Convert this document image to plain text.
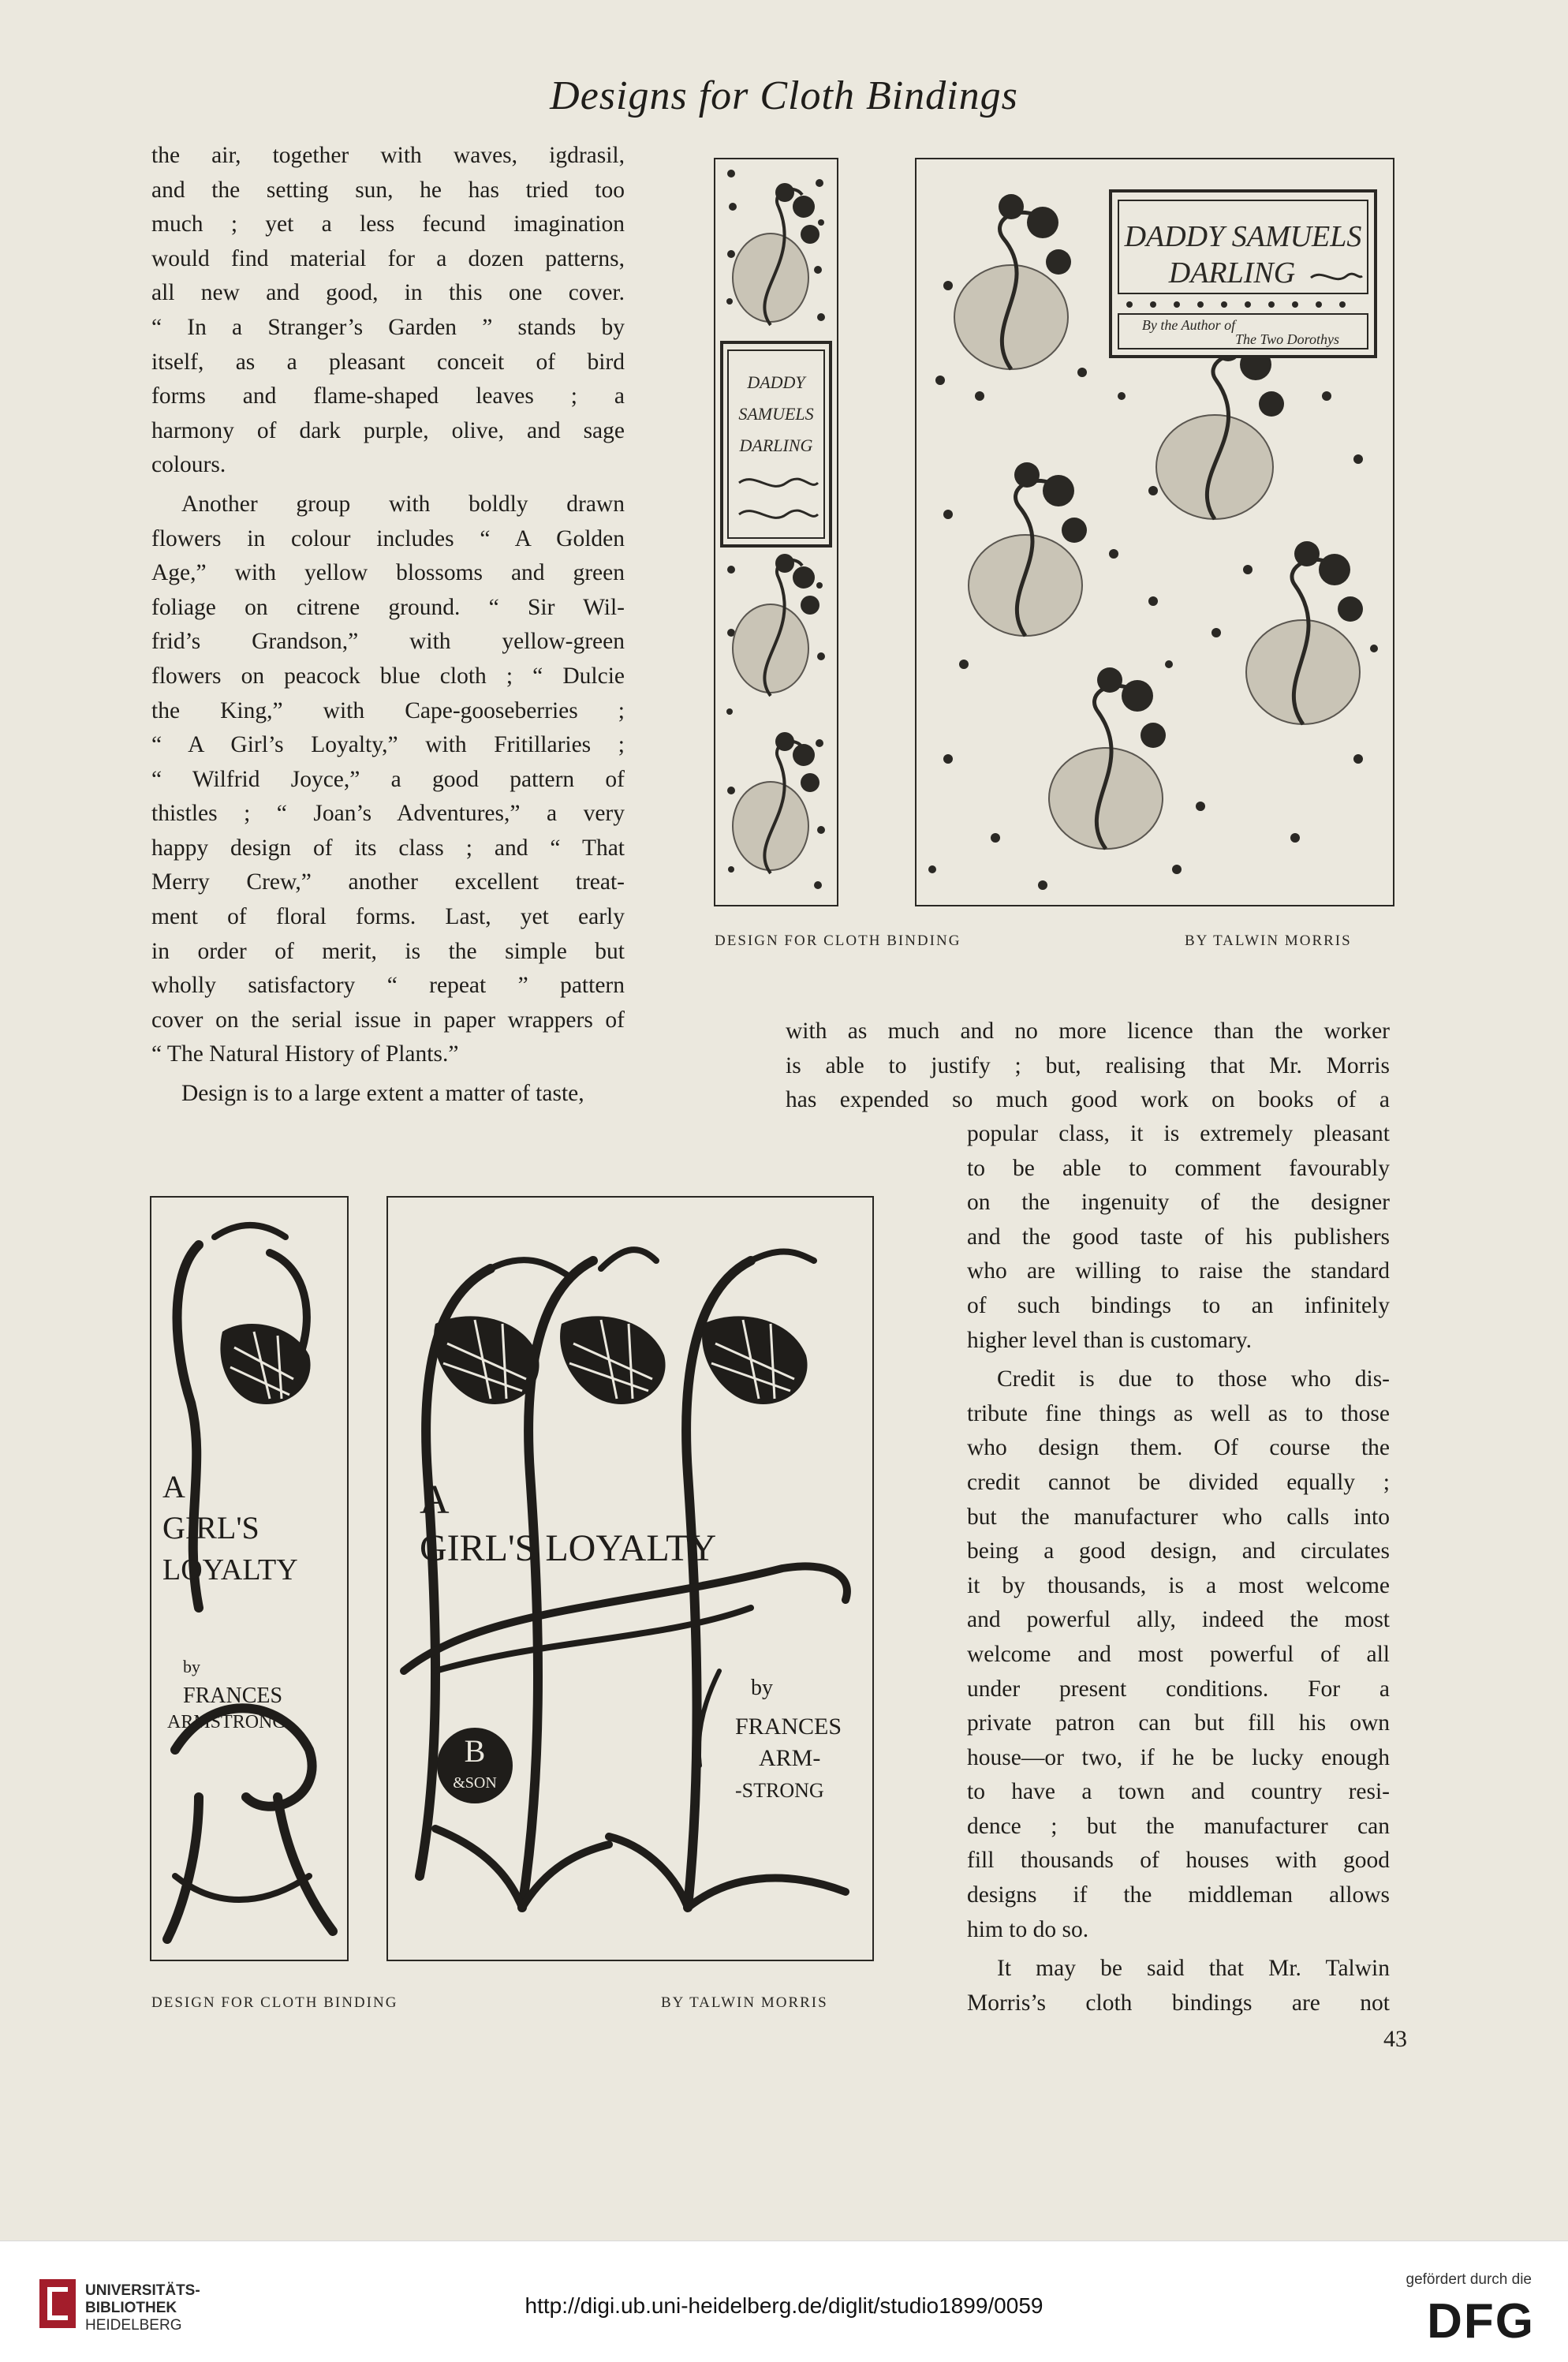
Designs for Cloth Bindings
the air, together with waves, igdrasil,
and the setting sun, he has tried too
much ; yet a less fecund imagination
would find material for a dozen patterns,
all new and good, in this one cover.
“ In a Stranger’s Garden ” stands by
itself, as a pleasant conceit of bird
forms and flame-shaped leaves ; a
harmony of dark purple, olive, and sage
colours.
Another group with boldly drawn
flowers in colour includes “ A Golden
Age,” with yellow blossoms and green
foliage on citrene ground. “ Sir Wil-
frid’s Grandson,” with yellow-green
flowers on peacock blue cloth ; “ Dulcie
the King,” with Cape-gooseberries ;
“ A Girl’s Loyalty,” with Fritillaries ;
“ Wilfrid Joyce,” a good pattern of
thistles ; “ Joan’s Adventures,” a very
happy design of its class ; and “ That
Merry Crew,” another excellent treat-
ment of floral forms. Last, yet early
in order of merit, is the simple but
wholly satisfactory “ repeat ” pattern
cover on the serial issue in paper wrappers of
“ The Natural History of Plants.”
Design is to a large extent a matter of taste,
with as much and no more licence than the worker
is able to justify ; but, realising that Mr. Morris
has expended so much good work on books of a
popular class, it is extremely pleasant
to be able to comment favourably
on the ingenuity of the designer
and the good taste of his publishers
who are willing to raise the standard
of such bindings to an infinitely
higher level than is customary.
Credit is due to those who dis-
tribute fine things as well as to those
who design them. Of course the
credit cannot be divided equally ;
but the manufacturer who calls into
being a good design, and circulates
it by thousands, is a most welcome
and powerful ally, indeed the most
welcome and most powerful of all
under present conditions. For a
private patron can but fill his own
house—or two, if he be lucky enough
to have a town and country resi-
dence ; but the manufacturer can
fill thousands of houses with good
designs if the middleman allows
him to do so.
It may be said that Mr. Talwin
Morris’s cloth bindings are not
DADDY
SAMUELS
DARLING
DADDY SAMUELS
DARLING
By the Author of
The Two Dorothys
DESIGN FOR CLOTH BINDING	BY TALWIN MORRIS
A
GIRL'S
LOYALTY
by
FRANCES
ARMSTRONG
A
GIRL'S LOYALTY
by
FRANCES
ARM-
-STRONG
B
&SON
DESIGN FOR CLOTH BINDING	BY TALWIN MORRIS
43
UNIVERSITÄTS-
BIBLIOTHEK
HEIDELBERG
http://digi.ub.uni-heidelberg.de/diglit/studio1899/0059
gefördert durch die
DFG
